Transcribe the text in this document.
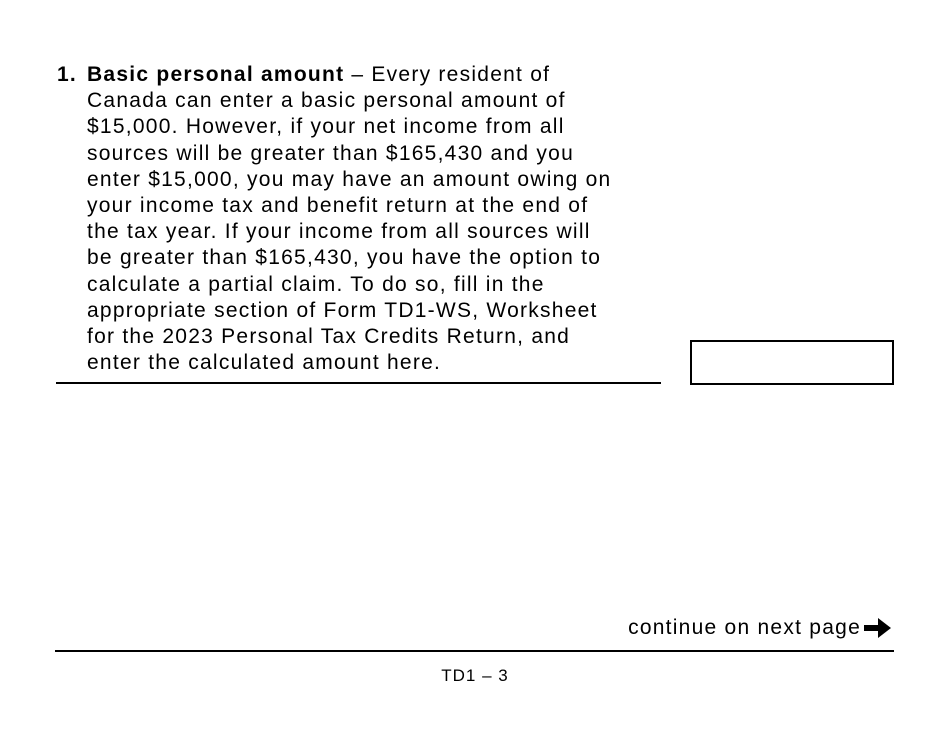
1. Basic personal amount – Every resident of
Canada can enter a basic personal amount of
$15,000. However, if your net income from all
sources will be greater than $165,430 and you
enter $15,000, you may have an amount owing on
your income tax and benefit return at the end of
the tax year. If your income from all sources will
be greater than $165,430, you have the option to
calculate a partial claim. To do so, fill in the
appropriate section of Form TD1-WS, Worksheet
for the 2023 Personal Tax Credits Return, and
enter the calculated amount here.
continue on next page
TD1 – 3
